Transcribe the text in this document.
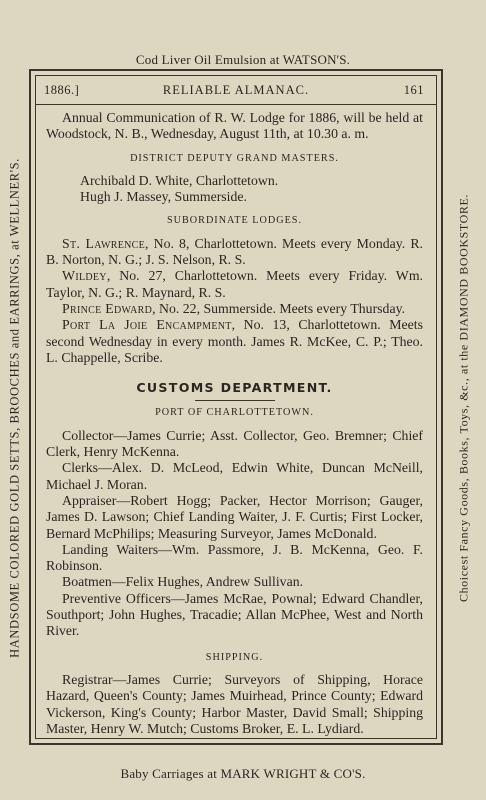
Cod Liver Oil Emulsion at WATSON'S.
HANDSOME COLORED GOLD SETTS, BROOCHES and EARRINGS, at WELLNER'S.	Choicest Fancy Goods, Books, Toys, &c., at the DIAMOND BOOKSTORE.
Baby Carriages at MARK WRIGHT & CO'S.
1886.]	RELIABLE ALMANAC.	161

Annual Communication of R. W. Lodge for 1886, will be held at Woodstock, N. B., Wednesday, August 11th, at 10.30 a. m.

DISTRICT DEPUTY GRAND MASTERS.

Archibald D. White, Charlottetown.

Hugh J. Massey, Summerside.

SUBORDINATE LODGES.

St. Lawrence, No. 8, Charlottetown. Meets every Monday. R. B. Norton, N. G.; J. S. Nelson, R. S.

Wildey, No. 27, Charlottetown. Meets every Friday. Wm. Taylor, N. G.; R. Maynard, R. S.

Prince Edward, No. 22, Summerside. Meets every Thursday.

Port La Joie Encampment, No. 13, Charlottetown. Meets second Wednesday in every month. James R. McKee, C. P.; Theo. L. Chappelle, Scribe.

CUSTOMS DEPARTMENT.
PORT OF CHARLOTTETOWN.

Collector—James Currie; Asst. Collector, Geo. Bremner; Chief Clerk, Henry McKenna.

Clerks—Alex. D. McLeod, Edwin White, Duncan McNeill, Michael J. Moran.

Appraiser—Robert Hogg; Packer, Hector Morrison; Gauger, James D. Lawson; Chief Landing Waiter, J. F. Curtis; First Locker, Bernard McPhilips; Measuring Surveyor, James McDonald.

Landing Waiters—Wm. Passmore, J. B. McKenna, Geo. F. Robinson.

Boatmen—Felix Hughes, Andrew Sullivan.

Preventive Officers—James McRae, Pownal; Edward Chandler, Southport; John Hughes, Tracadie; Allan McPhee, West and North River.

SHIPPING.

Registrar—James Currie; Surveyors of Shipping, Horace Hazard, Queen's County; James Muirhead, Prince County; Edward Vickerson, King's County; Harbor Master, David Small; Shipping Master, Henry W. Mutch; Customs Broker, E. L. Lydiard.
